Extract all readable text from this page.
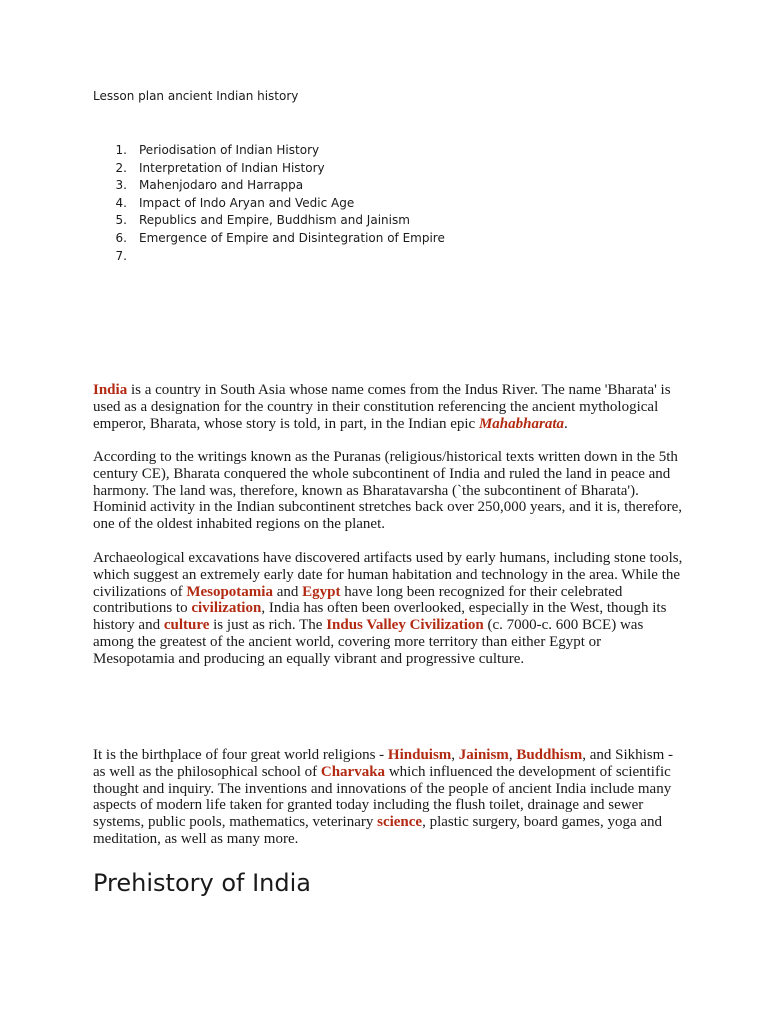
Lesson plan ancient Indian history

1. Periodisation of Indian History
2. Interpretation of Indian History
3. Mahenjodaro and Harrappa
4. Impact of Indo Aryan and Vedic Age
5. Republics and Empire, Buddhism and Jainism
6. Emergence of Empire and Disintegration of Empire
7.

India is a country in South Asia whose name comes from the Indus River. The name 'Bharata' is used as a designation for the country in their constitution referencing the ancient mythological emperor, Bharata, whose story is told, in part, in the Indian epic Mahabharata.

According to the writings known as the Puranas (religious/historical texts written down in the 5th century CE), Bharata conquered the whole subcontinent of India and ruled the land in peace and harmony. The land was, therefore, known as Bharatavarsha (`the subcontinent of Bharata'). Hominid activity in the Indian subcontinent stretches back over 250,000 years, and it is, therefore, one of the oldest inhabited regions on the planet.

Archaeological excavations have discovered artifacts used by early humans, including stone tools, which suggest an extremely early date for human habitation and technology in the area. While the civilizations of Mesopotamia and Egypt have long been recognized for their celebrated contributions to civilization, India has often been overlooked, especially in the West, though its history and culture is just as rich. The Indus Valley Civilization (c. 7000-c. 600 BCE) was among the greatest of the ancient world, covering more territory than either Egypt or Mesopotamia and producing an equally vibrant and progressive culture.

It is the birthplace of four great world religions - Hinduism, Jainism, Buddhism, and Sikhism - as well as the philosophical school of Charvaka which influenced the development of scientific thought and inquiry. The inventions and innovations of the people of ancient India include many aspects of modern life taken for granted today including the flush toilet, drainage and sewer systems, public pools, mathematics, veterinary science, plastic surgery, board games, yoga and meditation, as well as many more.

Prehistory of India
